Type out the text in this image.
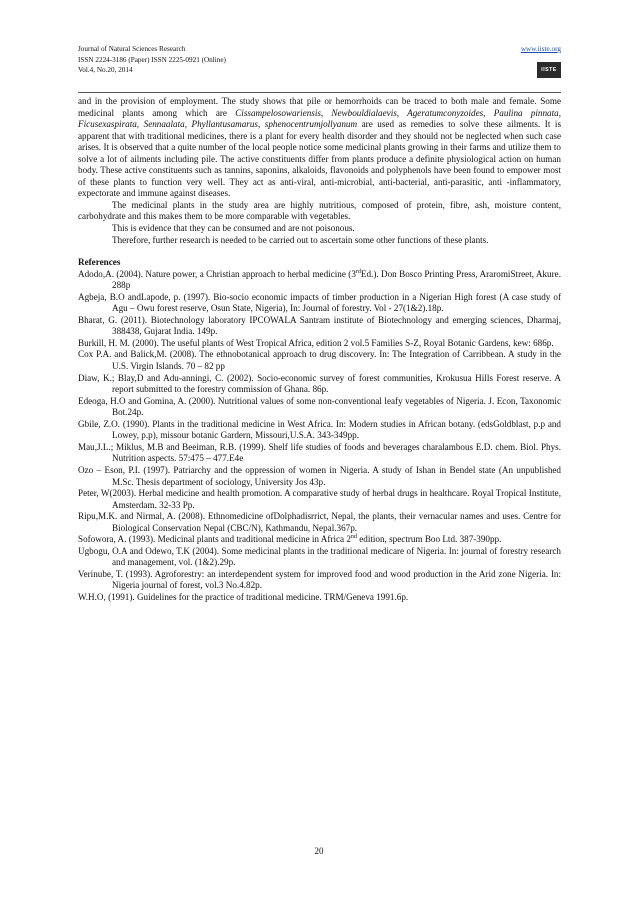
Journal of Natural Sciences Research
ISSN 2224-3186 (Paper) ISSN 2225-0921 (Online)
Vol.4, No.20, 2014
www.iiste.org
IISTE

and in the provision of employment. The study shows that pile or hemorrhoids can be traced to both male and female. Some medicinal plants among which are Cissampelosowariensis, Newbouldialaevis, Ageratumconyzoides, Paulina pinnata, Ficusexaspirata, Sennaalata, Phyllantusamarus, sphenocentrumjollyanum are used as remedies to solve these ailments. It is apparent that with traditional medicines, there is a plant for every health disorder and they should not be neglected when such case arises. It is observed that a quite number of the local people notice some medicinal plants growing in their farms and utilize them to solve a lot of ailments including pile. The active constituents differ from plants produce a definite physiological action on human body. These active constituents such as tannins, saponins, alkaloids, flavonoids and polyphenols have been found to empower most of these plants to function very well. They act as anti-viral, anti-microbial, anti-bacterial, anti-parasitic, anti -inflammatory, expectorate and immune against diseases.

The medicinal plants in the study area are highly nutritious, composed of protein, fibre, ash, moisture content, carbohydrate and this makes them to be more comparable with vegetables.

This is evidence that they can be consumed and are not poisonous.

Therefore, further research is needed to be carried out to ascertain some other functions of these plants.

References

Adodo,A. (2004). Nature power, a Christian approach to herbal medicine (3rdEd.). Don Bosco Printing Press, AraromiStreet, Akure. 288p

Agbeja, B.O andLapode, p. (1997). Bio-socio economic impacts of timber production in a Nigerian High forest (A case study of Agu – Owu forest reserve, Osun State, Nigeria), In: Journal of forestry. Vol - 27(1&2).18p.

Bharat, G. (2011). Biotechnology laboratory IPCOWALA Santram institute of Biotechnology and emerging sciences, Dharmaj, 388438, Gujarat India. 149p.

Burkill, H. M. (2000). The useful plants of West Tropical Africa, edition 2 vol.5 Families S-Z, Royal Botanic Gardens, kew: 686p.

Cox P.A. and Balick,M. (2008). The ethnobotanical approach to drug discovery. In: The Integration of Carribbean. A study in the U.S. Virgin Islands. 70 – 82 pp

Diaw, K.; Blay,D and Adu-anningi, C. (2002). Socio-economic survey of forest communities, Krokusua Hills Forest reserve. A report submitted to the forestry commission of Ghana. 86p.

Edeoga, H.O and Gomina, A. (2000). Nutritional values of some non-conventional leafy vegetables of Nigeria. J. Econ, Taxonomic Bot.24p.

Gbile, Z.O. (1990). Plants in the traditional medicine in West Africa. In: Modern studies in African botany. (edsGoldblast, p.p and Lowey, p.p), missour botanic Gardern, Missouri,U.S.A. 343-349pp.

Mau,J.L.; Miklus, M.B and Beeiman, R.B. (1999). Shelf life studies of foods and beverages charalambous E.D. chem. Biol. Phys. Nutrition aspects. 57:475 – 477.E4e

Ozo – Eson, P.I. (1997). Patriarchy and the oppression of women in Nigeria. A study of Ishan in Bendel state (An unpublished M.Sc. Thesis department of sociology, University Jos 43p.

Peter, W(2003). Herbal medicine and health promotion. A comparative study of herbal drugs in healthcare. Royal Tropical Institute, Amsterdam. 32-33 Pp.

Ripu,M.K. and Nirmal, A. (2008). Ethnomedicine ofDolphadisrrict, Nepal, the plants, their vernacular names and uses. Centre for Biological Conservation Nepal (CBC/N), Kathmandu, Nepal.367p.

Sofowora, A. (1993). Medicinal plants and traditional medicine in Africa 2nd edition, spectrum Boo Ltd. 387-390pp.

Ugbogu, O.A and Odewo, T.K (2004). Some medicinal plants in the traditional medicare of Nigeria. In: journal of forestry research and management, vol. (1&2).29p.

Verinube, T. (1993). Agroforestry: an interdependent system for improved food and wood production in the Arid zone Nigeria. In: Nigeria journal of forest, vol.3 No.4.82p.

W.H.O, (1991). Guidelines for the practice of traditional medicine. TRM/Geneva 1991.6p.

20
